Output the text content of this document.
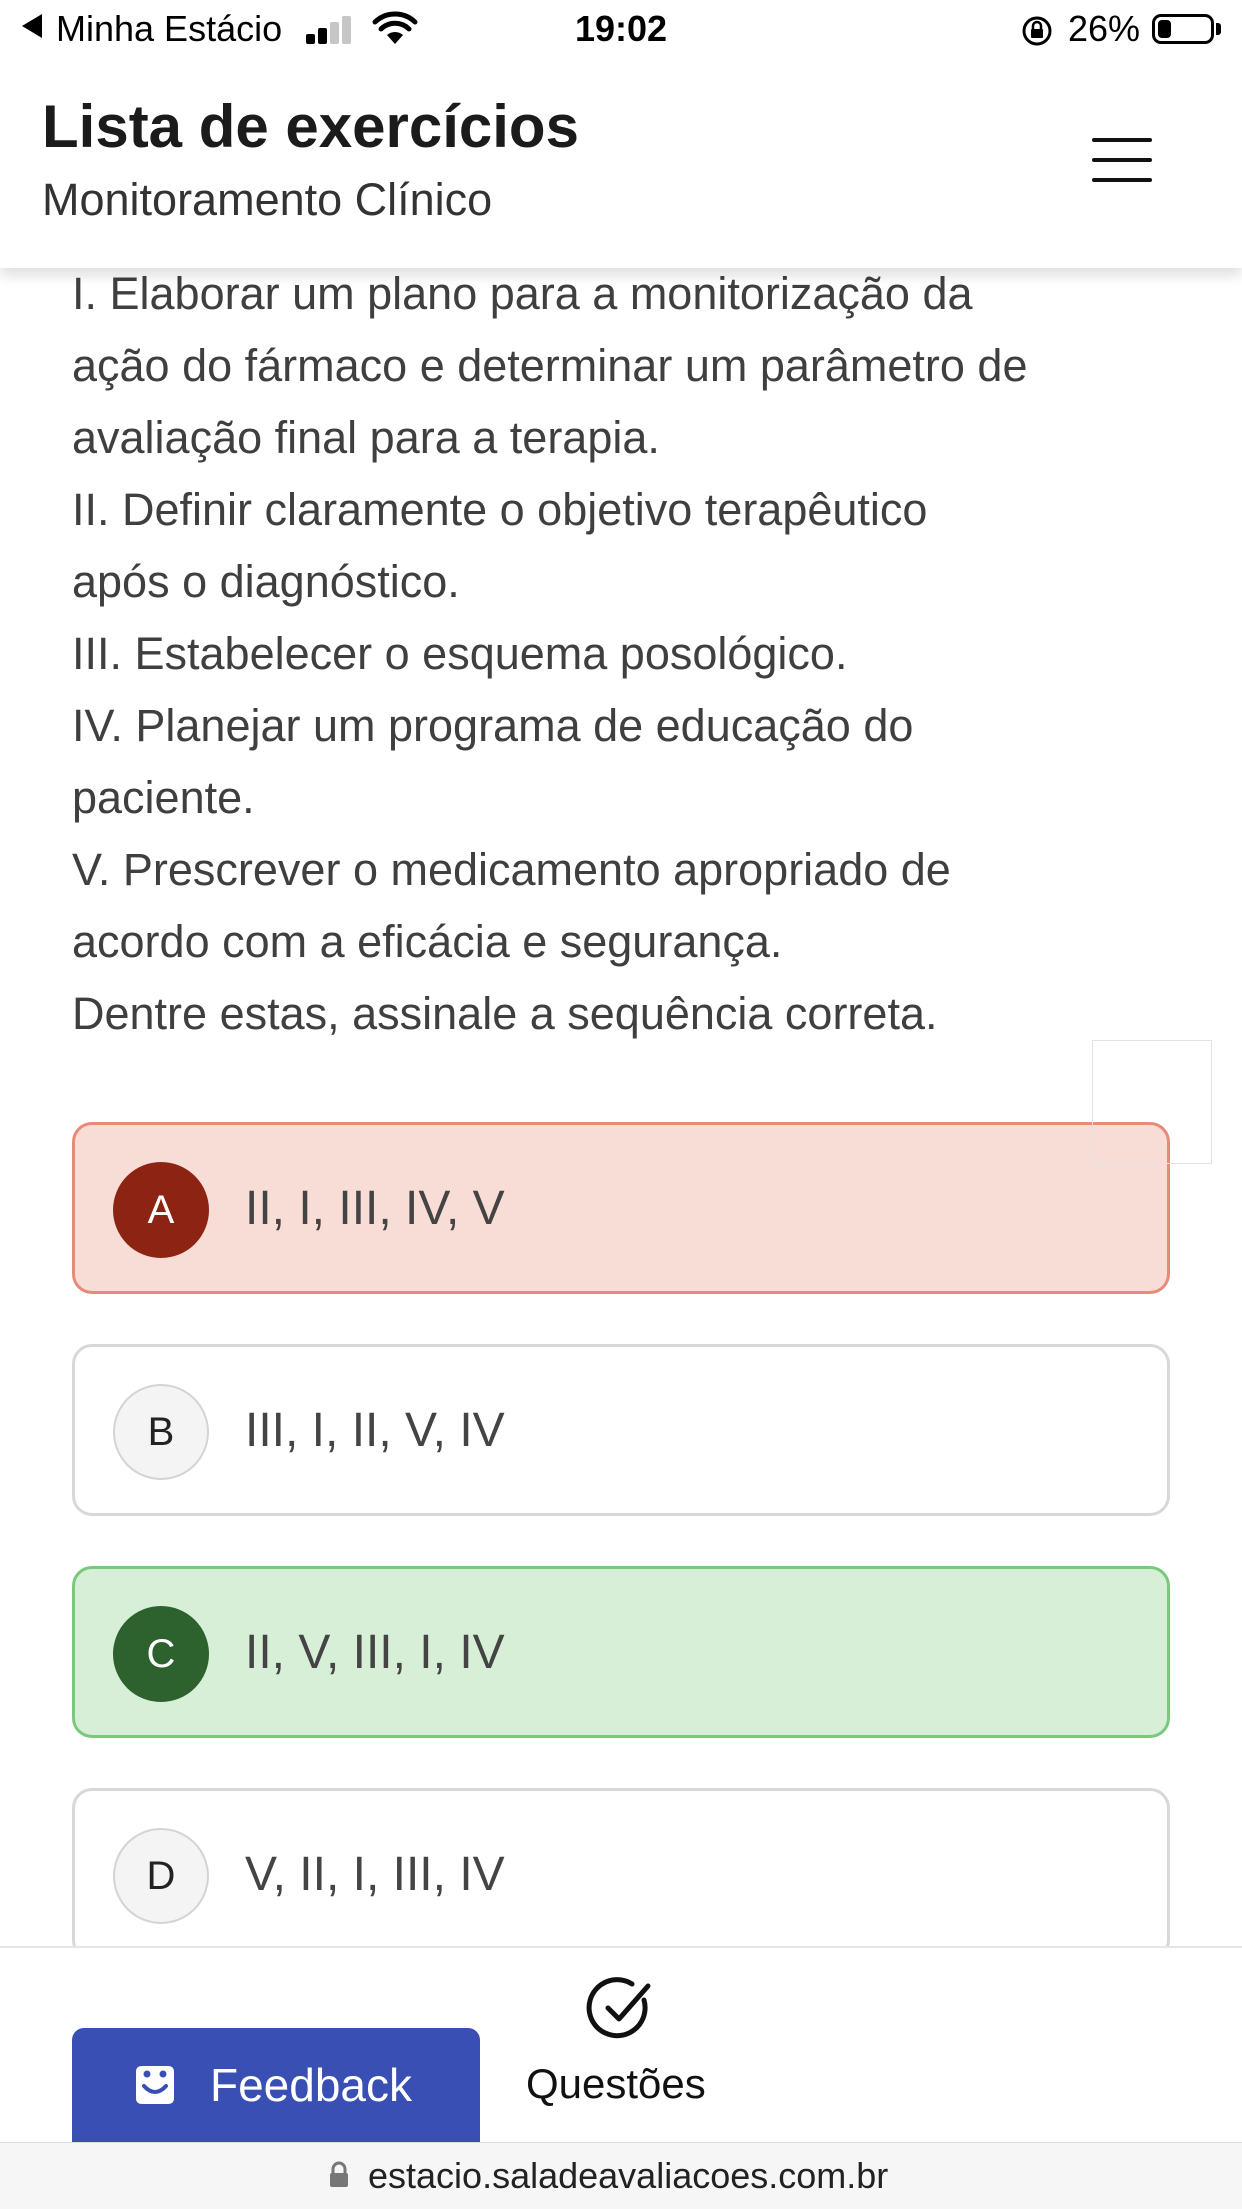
Minha Estácio	19:02	26%
Lista de exercícios
Monitoramento Clínico
I. Elaborar um plano para a monitorização da
ação do fármaco e determinar um parâmetro de
avaliação final para a terapia.
II. Definir claramente o objetivo terapêutico
após o diagnóstico.
III. Estabelecer o esquema posológico.
IV. Planejar um programa de educação do
paciente.
V. Prescrever o medicamento apropriado de
acordo com a eficácia e segurança.
Dentre estas, assinale a sequência correta.
A	II, I, III, IV, V
B	III, I, II, V, IV
C	II, V, III, I, IV
D	V, II, I, III, IV
Feedback	Questões
estacio.saladeavaliacoes.com.br
